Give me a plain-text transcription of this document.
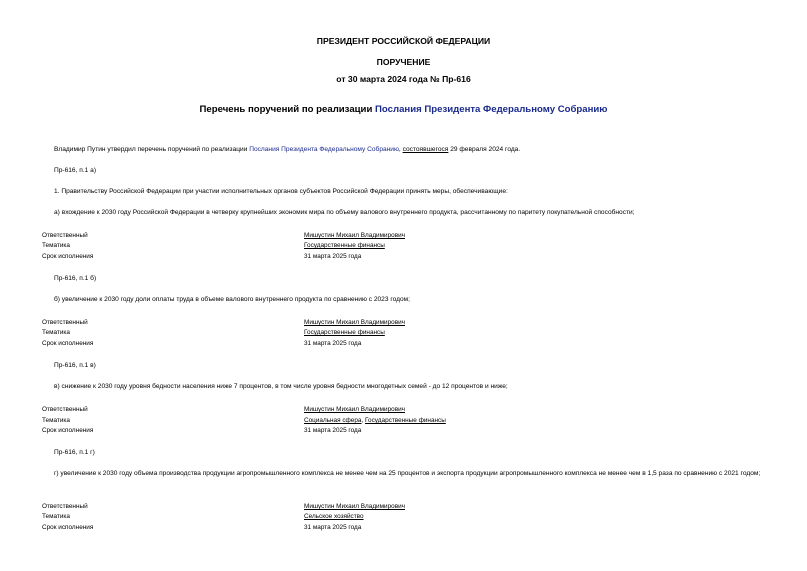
ПРЕЗИДЕНТ РОССИЙСКОЙ ФЕДЕРАЦИИ
ПОРУЧЕНИЕ
от 30 марта 2024 года № Пр-616
Перечень поручений по реализации Послания Президента Федеральному Собранию
Владимир Путин утвердил перечень поручений по реализации Послания Президента Федеральному Собранию, состоявшегося 29 февраля 2024 года.
Пр-616, п.1 а)
1. Правительству Российской Федерации при участии исполнительных органов субъектов Российской Федерации принять меры, обеспечивающие:
а) вхождение к 2030 году Российской Федерации в четверку крупнейших экономик мира по объему валового внутреннего продукта, рассчитанному по паритету покупательной способности;
Ответственный	Мишустин Михаил Владимирович
Тематика	Государственные финансы
Срок исполнения	31 марта 2025 года
Пр-616, п.1 б)
б) увеличение к 2030 году доли оплаты труда в объеме валового внутреннего продукта по сравнению с 2023 годом;
Ответственный	Мишустин Михаил Владимирович
Тематика	Государственные финансы
Срок исполнения	31 марта 2025 года
Пр-616, п.1 в)
в) снижение к 2030 году уровня бедности населения ниже 7 процентов, в том числе уровня бедности многодетных семей - до 12 процентов и ниже;
Ответственный	Мишустин Михаил Владимирович
Тематика	Социальная сфера, Государственные финансы
Срок исполнения	31 марта 2025 года
Пр-616, п.1 г)
г) увеличение к 2030 году объема производства продукции агропромышленного комплекса не менее чем на 25 процентов и экспорта продукции агропромышленного комплекса не менее чем в 1,5 раза по сравнению с 2021 годом;
Ответственный	Мишустин Михаил Владимирович
Тематика	Сельское хозяйство
Срок исполнения	31 марта 2025 года
